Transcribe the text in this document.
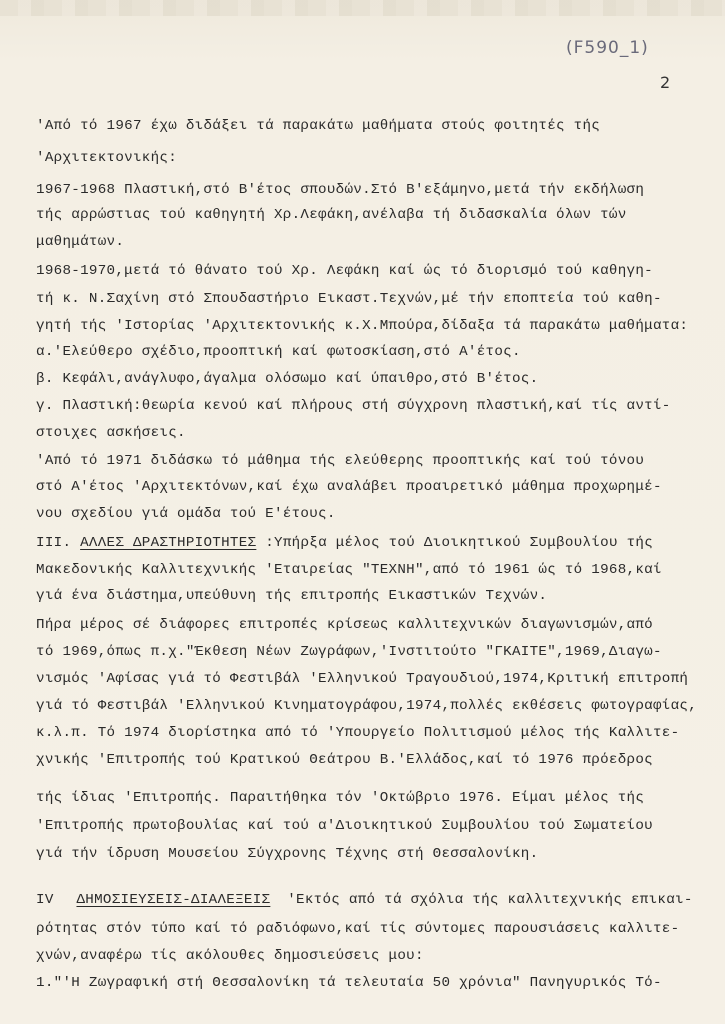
(F590_1)
2
'Από τό 1967 έχω διδάξει τά παρακάτω μαθήματα στούς φοιτητές τής
'Αρχιτεκτονικής:
1967-1968 Πλαστική,στό Β'έτος σπουδών.Στό Β'εξάμηνο,μετά τήν εκδήλωση
τής αρρώστιας τού καθηγητή Χρ.Λεφάκη,ανέλαβα τή διδασκαλία όλων τών
μαθημάτων.
1968-1970,μετά τό θάνατο τού Χρ. Λεφάκη καί ώς τό διορισμό τού καθηγη-
τή κ. Ν.Σαχίνη στό Σπουδαστήριο Εικαστ.Τεχνών,μέ τήν εποπτεία τού καθη-
γητή τής 'Ιστορίας 'Αρχιτεκτονικής κ.Χ.Μπούρα,δίδαξα τά παρακάτω μαθήματα:
α.'Ελεύθερο σχέδιο,προοπτική καί φωτοσκίαση,στό Α'έτος.
β. Κεφάλι,ανάγλυφο,άγαλμα ολόσωμο καί ύπαιθρο,στό Β'έτος.
γ. Πλαστική:θεωρία κενού καί πλήρους στή σύγχρονη πλαστική,καί τίς αντί-
στοιχες ασκήσεις.
'Από τό 1971 διδάσκω τό μάθημα τής ελεύθερης προοπτικής καί τού τόνου
στό Α'έτος 'Αρχιτεκτόνων,καί έχω αναλάβει προαιρετικό μάθημα προχωρημέ-
νου σχεδίου γιά ομάδα τού Ε'έτους.
III. ΑΛΛΕΣ ΔΡΑΣΤΗΡΙΟΤΗΤΕΣ :Υπήρξα μέλος τού Διοικητικού Συμβουλίου τής
Μακεδονικής Καλλιτεχνικής 'Εταιρείας "ΤΕΧΝΗ",από τό 1961 ώς τό 1968,καί
γιά ένα διάστημα,υπεύθυνη τής επιτροπής Εικαστικών Τεχνών.
Πήρα μέρος σέ διάφορες επιτροπές κρίσεως καλλιτεχνικών διαγωνισμών,από
τό 1969,όπως π.χ."Έκθεση Νέων Ζωγράφων,'Ινστιτούτο "ΓΚΑΙΤΕ",1969,Διαγω-
νισμός 'Αφίσας γιά τό Φεστιβάλ 'Ελληνικού Τραγουδιού,1974,Κριτική επιτροπή
γιά τό Φεστιβάλ 'Ελληνικού Κινηματογράφου,1974,πολλές εκθέσεις φωτογραφίας,
κ.λ.π. Τό 1974 διορίστηκα από τό 'Υπουργείο Πολιτισμού μέλος τής Καλλιτε-
χνικής 'Επιτροπής τού Κρατικού Θεάτρου Β.'Ελλάδος,καί τό 1976 πρόεδρος
τής ίδιας 'Επιτροπής. Παραιτήθηκα τόν 'Οκτώβριο 1976. Είμαι μέλος τής
'Επιτροπής πρωτοβουλίας καί τού α'Διοικητικού Συμβουλίου τού Σωματείου
γιά τήν ίδρυση Μουσείου Σύγχρονης Τέχνης στή Θεσσαλονίκη.
IV ΔΗΜΟΣΙΕΥΣΕΙΣ-ΔΙΑΛΕΞΕΙΣ 'Εκτός από τά σχόλια τής καλλιτεχνικής επικαι-
ρότητας στόν τύπο καί τό ραδιόφωνο,καί τίς σύντομες παρουσιάσεις καλλιτε-
χνών,αναφέρω τίς ακόλουθες δημοσιεύσεις μου:
1."'Η Ζωγραφική στή Θεσσαλονίκη τά τελευταία 50 χρόνια" Πανηγυρικός Τό-
